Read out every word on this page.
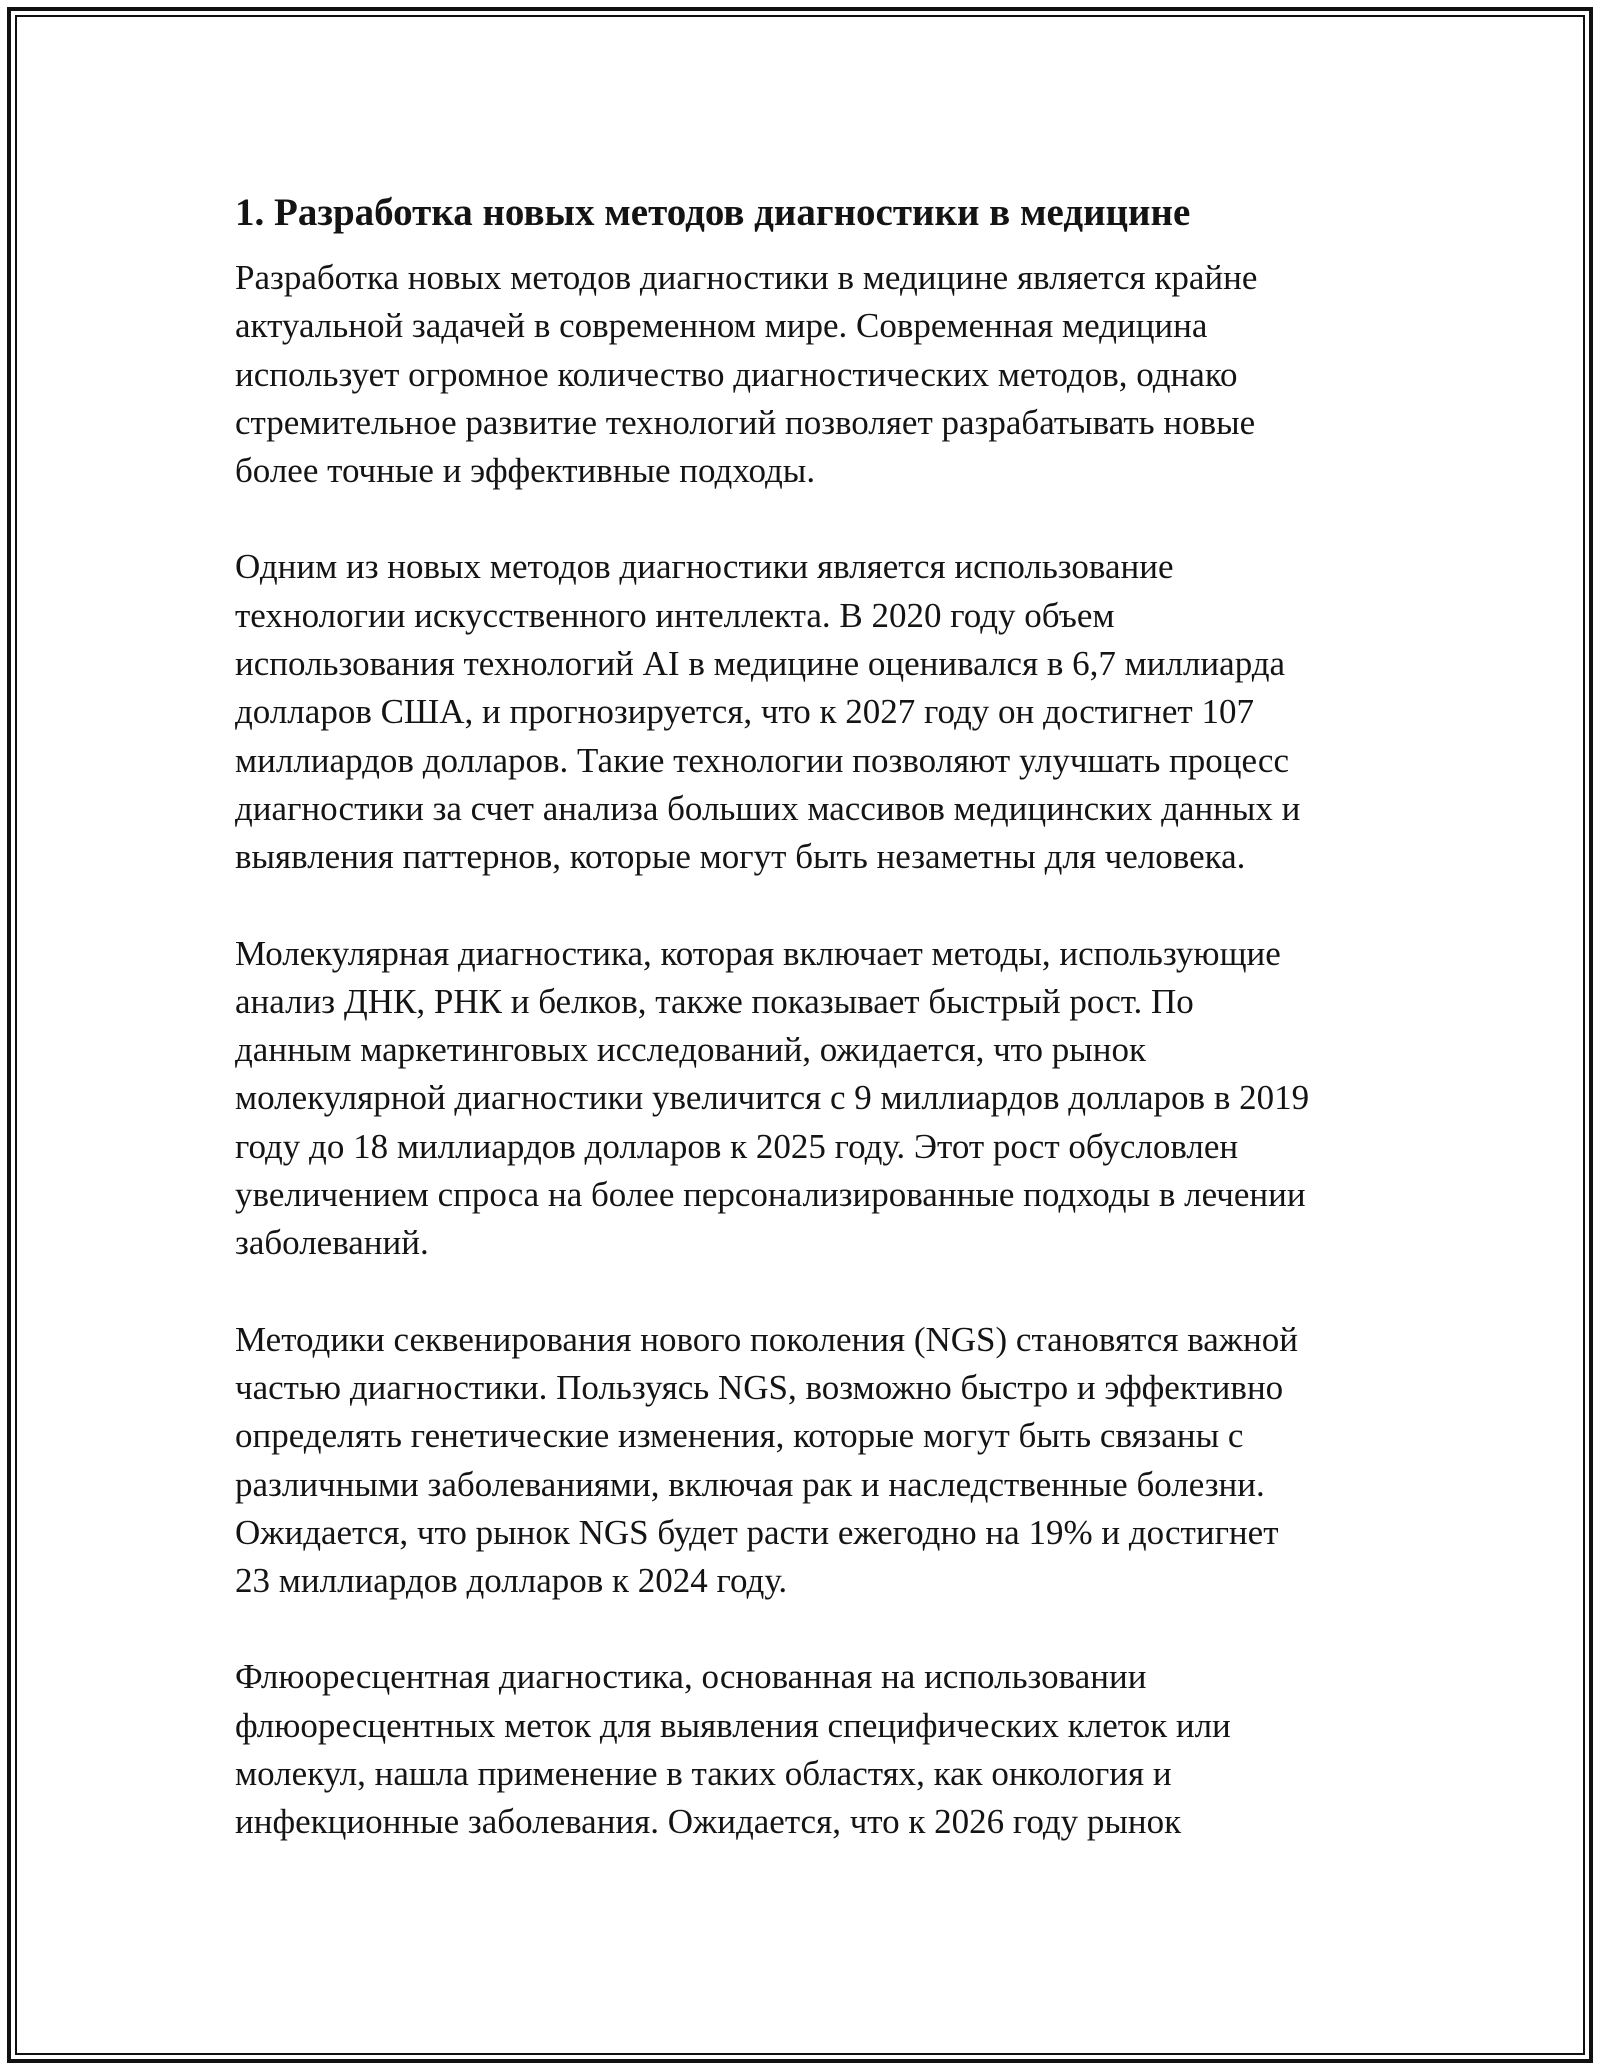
1. Разработка новых методов диагностики в медицине
Разработка новых методов диагностики в медицине является крайне
актуальной задачей в современном мире. Современная медицина
использует огромное количество диагностических методов, однако
стремительное развитие технологий позволяет разрабатывать новые
более точные и эффективные подходы.
Одним из новых методов диагностики является использование
технологии искусственного интеллекта. В 2020 году объем
использования технологий AI в медицине оценивался в 6,7 миллиарда
долларов США, и прогнозируется, что к 2027 году он достигнет 107
миллиардов долларов. Такие технологии позволяют улучшать процесс
диагностики за счет анализа больших массивов медицинских данных и
выявления паттернов, которые могут быть незаметны для человека.
Молекулярная диагностика, которая включает методы, использующие
анализ ДНК, РНК и белков, также показывает быстрый рост. По
данным маркетинговых исследований, ожидается, что рынок
молекулярной диагностики увеличится с 9 миллиардов долларов в 2019
году до 18 миллиардов долларов к 2025 году. Этот рост обусловлен
увеличением спроса на более персонализированные подходы в лечении
заболеваний.
Методики секвенирования нового поколения (NGS) становятся важной
частью диагностики. Пользуясь NGS, возможно быстро и эффективно
определять генетические изменения, которые могут быть связаны с
различными заболеваниями, включая рак и наследственные болезни.
Ожидается, что рынок NGS будет расти ежегодно на 19% и достигнет
23 миллиардов долларов к 2024 году.
Флюоресцентная диагностика, основанная на использовании
флюоресцентных меток для выявления специфических клеток или
молекул, нашла применение в таких областях, как онкология и
инфекционные заболевания. Ожидается, что к 2026 году рынок
